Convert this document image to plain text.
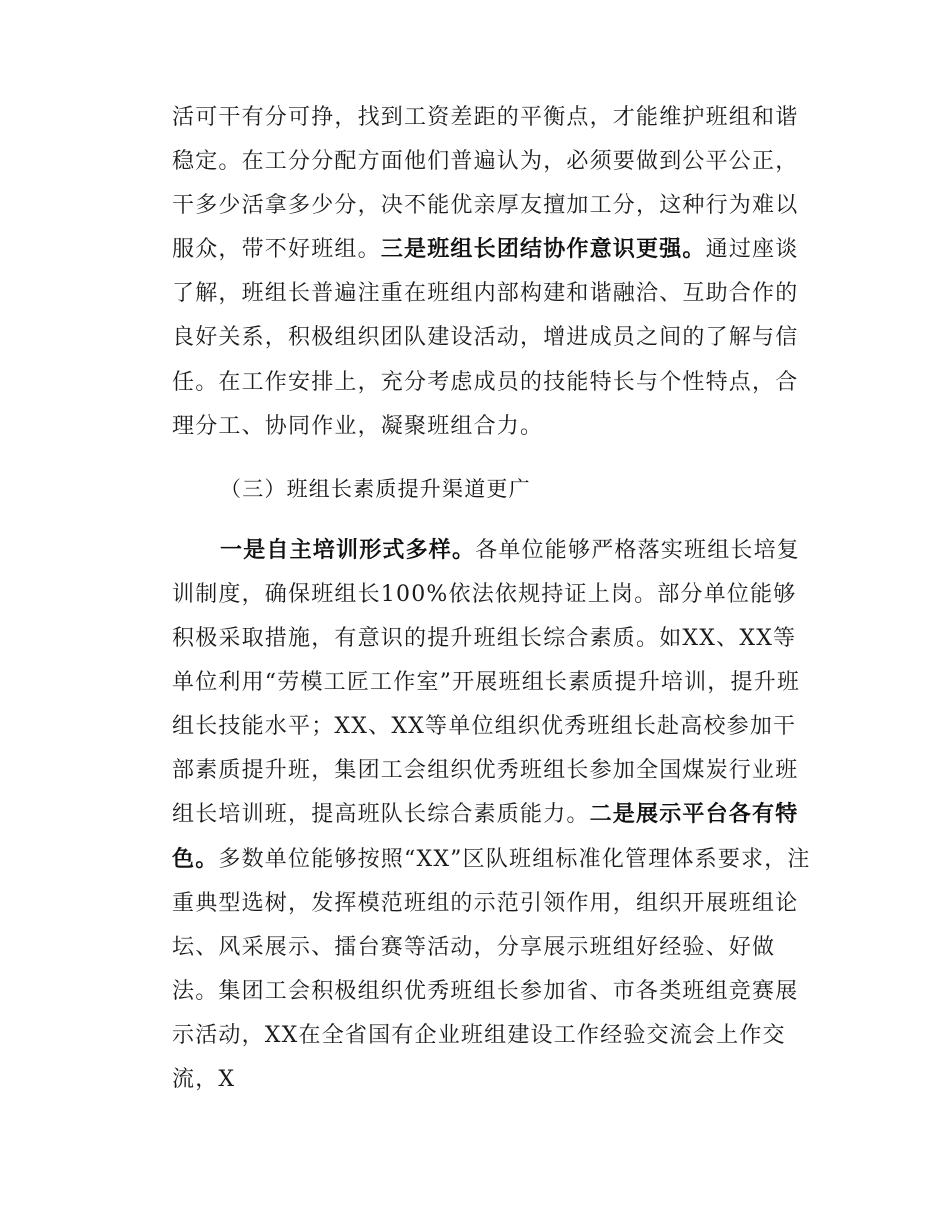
活可干有分可挣，找到工资差距的平衡点，才能维护班组和谐稳定。在工分分配方面他们普遍认为，必须要做到公平公正，干多少活拿多少分，决不能优亲厚友擅加工分，这种行为难以服众，带不好班组。三是班组长团结协作意识更强。通过座谈了解，班组长普遍注重在班组内部构建和谐融洽、互助合作的良好关系，积极组织团队建设活动，增进成员之间的了解与信任。在工作安排上，充分考虑成员的技能特长与个性特点，合理分工、协同作业，凝聚班组合力。

（三）班组长素质提升渠道更广

一是自主培训形式多样。各单位能够严格落实班组长培复训制度，确保班组长100%依法依规持证上岗。部分单位能够积极采取措施，有意识的提升班组长综合素质。如XX、XX等单位利用“劳模工匠工作室”开展班组长素质提升培训，提升班组长技能水平；XX、XX等单位组织优秀班组长赴高校参加干部素质提升班，集团工会组织优秀班组长参加全国煤炭行业班组长培训班，提高班队长综合素质能力。二是展示平台各有特色。多数单位能够按照“XX”区队班组标准化管理体系要求，注重典型选树，发挥模范班组的示范引领作用，组织开展班组论坛、风采展示、擂台赛等活动，分享展示班组好经验、好做法。集团工会积极组织优秀班组长参加省、市各类班组竞赛展示活动，XX在全省国有企业班组建设工作经验交流会上作交流，X
